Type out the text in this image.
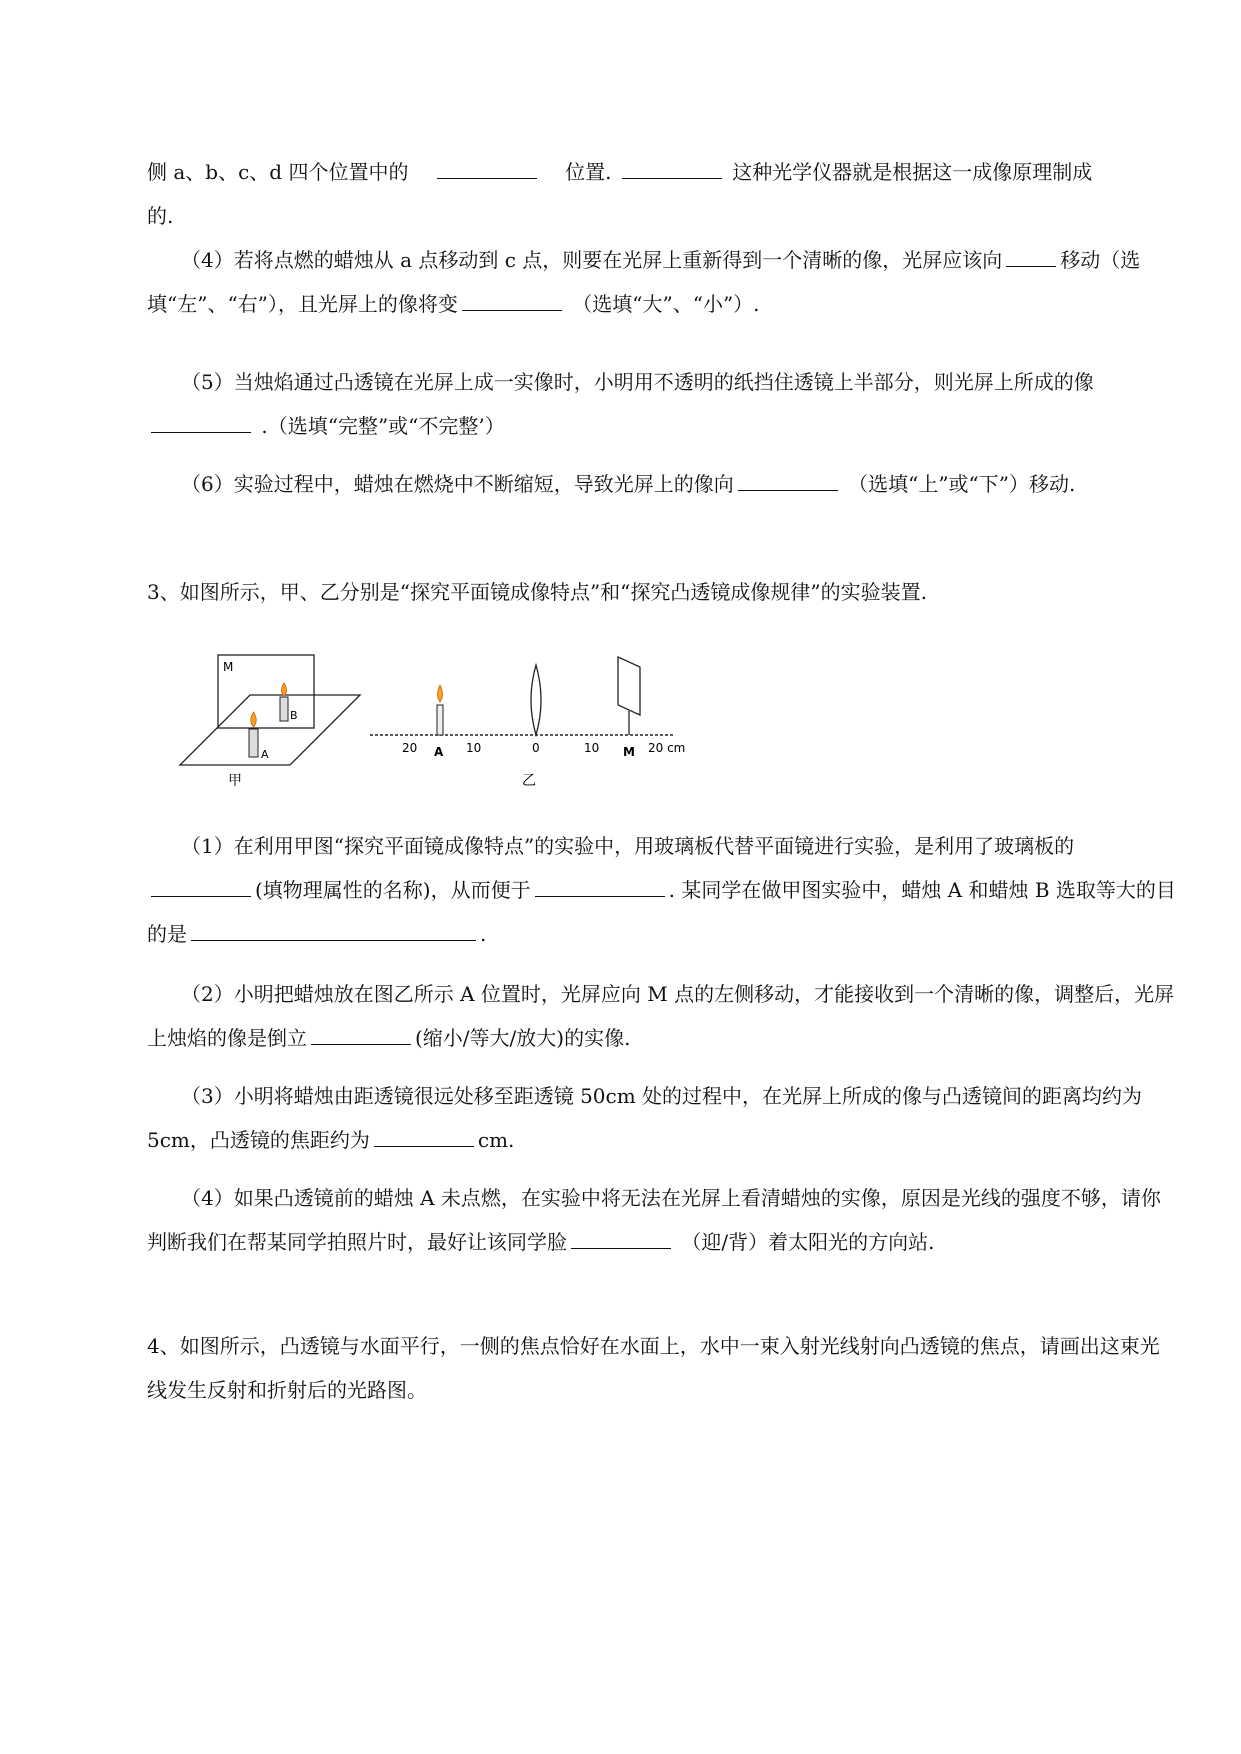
侧 a、b、c、d 四个位置中的	位置.	这种光学仪器就是根据这一成像原理制成
的.

（4）若将点燃的蜡烛从 a 点移动到 c 点，则要在光屏上重新得到一个清晰的像，光屏应该向	移动（选填“左”、“右”），且光屏上的像将变	（选填“大”、“小”）.

（5）当烛焰通过凸透镜在光屏上成一实像时，小明用不透明的纸挡住透镜上半部分，则光屏上所成的像 .（选填“完整”或“不完整’）

（6）实验过程中，蜡烛在燃烧中不断缩短，导致光屏上的像向	（选填“上”或“下”）移动.

3、如图所示，甲、乙分别是“探究平面镜成像特点”和“探究凸透镜成像规律”的实验装置.

M
B
A
甲
20 A 10	0	10 M 20 cm
乙

（1）在利用甲图“探究平面镜成像特点”的实验中，用玻璃板代替平面镜进行实验，是利用了玻璃板的(填物理属性的名称)，从而便于	. 某同学在做甲图实验中，蜡烛 A 和蜡烛 B 选取等大的目的是	.

（2）小明把蜡烛放在图乙所示 A 位置时，光屏应向 M 点的左侧移动，才能接收到一个清晰的像，调整后，光屏上烛焰的像是倒立	(缩小/等大/放大)的实像.

（3）小明将蜡烛由距透镜很远处移至距透镜 50cm 处的过程中，在光屏上所成的像与凸透镜间的距离均约为 5cm，凸透镜的焦距约为	cm.

（4）如果凸透镜前的蜡烛 A 未点燃，在实验中将无法在光屏上看清蜡烛的实像，原因是光线的强度不够，请你判断我们在帮某同学拍照片时，最好让该同学脸	（迎/背）着太阳光的方向站.

4、如图所示，凸透镜与水面平行，一侧的焦点恰好在水面上，水中一束入射光线射向凸透镜的焦点，请画出这束光线发生反射和折射后的光路图。
